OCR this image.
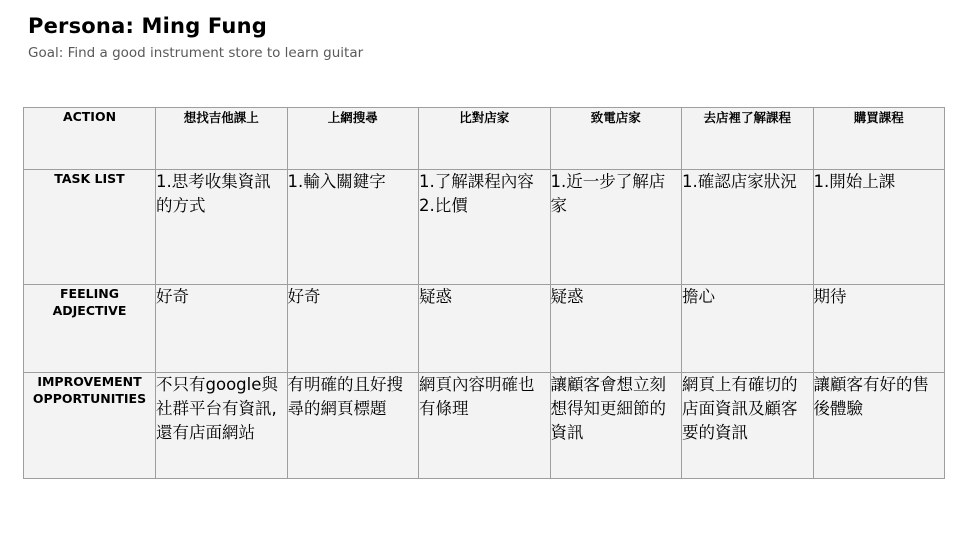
Persona: Ming Fung
Goal: Find a good instrument store to learn guitar
ACTION	想找吉他課上	上網搜尋	比對店家	致電店家	去店裡了解課程	購買課程
TASK LIST	1.思考收集資訊的方式	1.輸入關鍵字	1.了解課程內容
2.比價	1.近一步了解店家	1.確認店家狀況	1.開始上課
FEELING
ADJECTIVE	好奇	好奇	疑惑	疑惑	擔心	期待
IMPROVEMENT
OPPORTUNITIES	不只有google與社群平台有資訊, 還有店面網站	有明確的且好搜尋的網頁標題	網頁內容明確也有條理	讓顧客會想立刻想得知更細節的資訊	網頁上有確切的店面資訊及顧客要的資訊	讓顧客有好的售後體驗
